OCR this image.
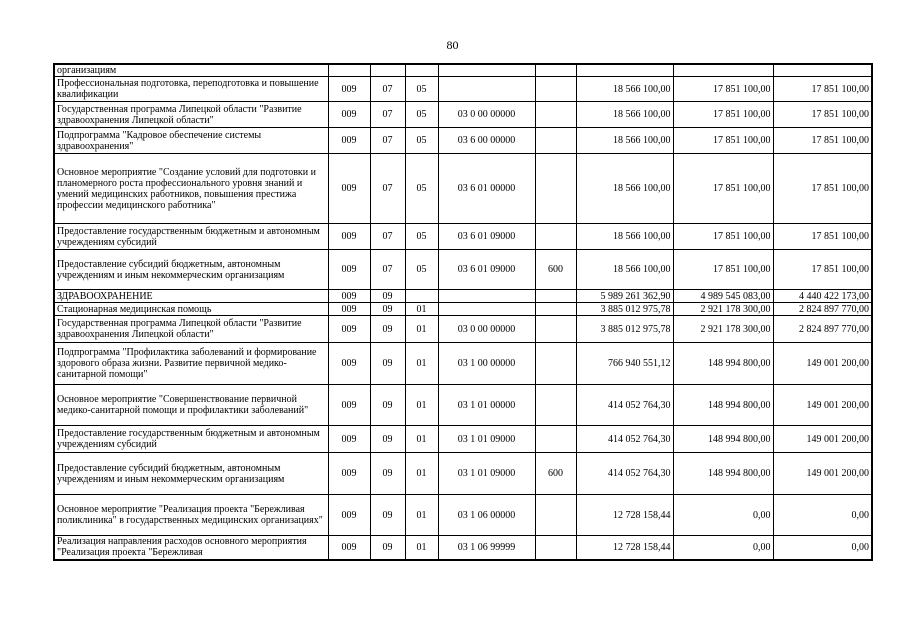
80
организациям								
Профессиональная подготовка, переподготовка и повышение квалификации	009	07	05			18 566 100,00	17 851 100,00	17 851 100,00
Государственная программа Липецкой области "Развитие здравоохранения Липецкой области"	009	07	05	03 0 00 00000		18 566 100,00	17 851 100,00	17 851 100,00
Подпрограмма "Кадровое обеспечение системы здравоохранения"	009	07	05	03 6 00 00000		18 566 100,00	17 851 100,00	17 851 100,00
Основное мероприятие "Создание условий для подготовки и планомерного роста профессионального уровня знаний и умений медицинских работников, повышения престижа профессии медицинского работника"	009	07	05	03 6 01 00000		18 566 100,00	17 851 100,00	17 851 100,00
Предоставление государственным бюджетным и автономным учреждениям субсидий	009	07	05	03 6 01 09000		18 566 100,00	17 851 100,00	17 851 100,00
Предоставление субсидий бюджетным, автономным учреждениям и иным некоммерческим организациям	009	07	05	03 6 01 09000	600	18 566 100,00	17 851 100,00	17 851 100,00
ЗДРАВООХРАНЕНИЕ	009	09				5 989 261 362,90	4 989 545 083,00	4 440 422 173,00
Стационарная медицинская помощь	009	09	01			3 885 012 975,78	2 921 178 300,00	2 824 897 770,00
Государственная программа Липецкой области "Развитие здравоохранения Липецкой области"	009	09	01	03 0 00 00000		3 885 012 975,78	2 921 178 300,00	2 824 897 770,00
Подпрограмма "Профилактика заболеваний и формирование здорового образа жизни. Развитие первичной медико-санитарной помощи"	009	09	01	03 1 00 00000		766 940 551,12	148 994 800,00	149 001 200,00
Основное мероприятие "Совершенствование первичной медико-санитарной помощи и профилактики заболеваний"	009	09	01	03 1 01 00000		414 052 764,30	148 994 800,00	149 001 200,00
Предоставление государственным бюджетным и автономным учреждениям субсидий	009	09	01	03 1 01 09000		414 052 764,30	148 994 800,00	149 001 200,00
Предоставление субсидий бюджетным, автономным учреждениям и иным некоммерческим организациям	009	09	01	03 1 01 09000	600	414 052 764,30	148 994 800,00	149 001 200,00
Основное мероприятие "Реализация проекта "Бережливая поликлиника" в государственных медицинских организациях"	009	09	01	03 1 06 00000		12 728 158,44	0,00	0,00
Реализация направления расходов основного мероприятия "Реализация проекта "Бережливая	009	09	01	03 1 06 99999		12 728 158,44	0,00	0,00
